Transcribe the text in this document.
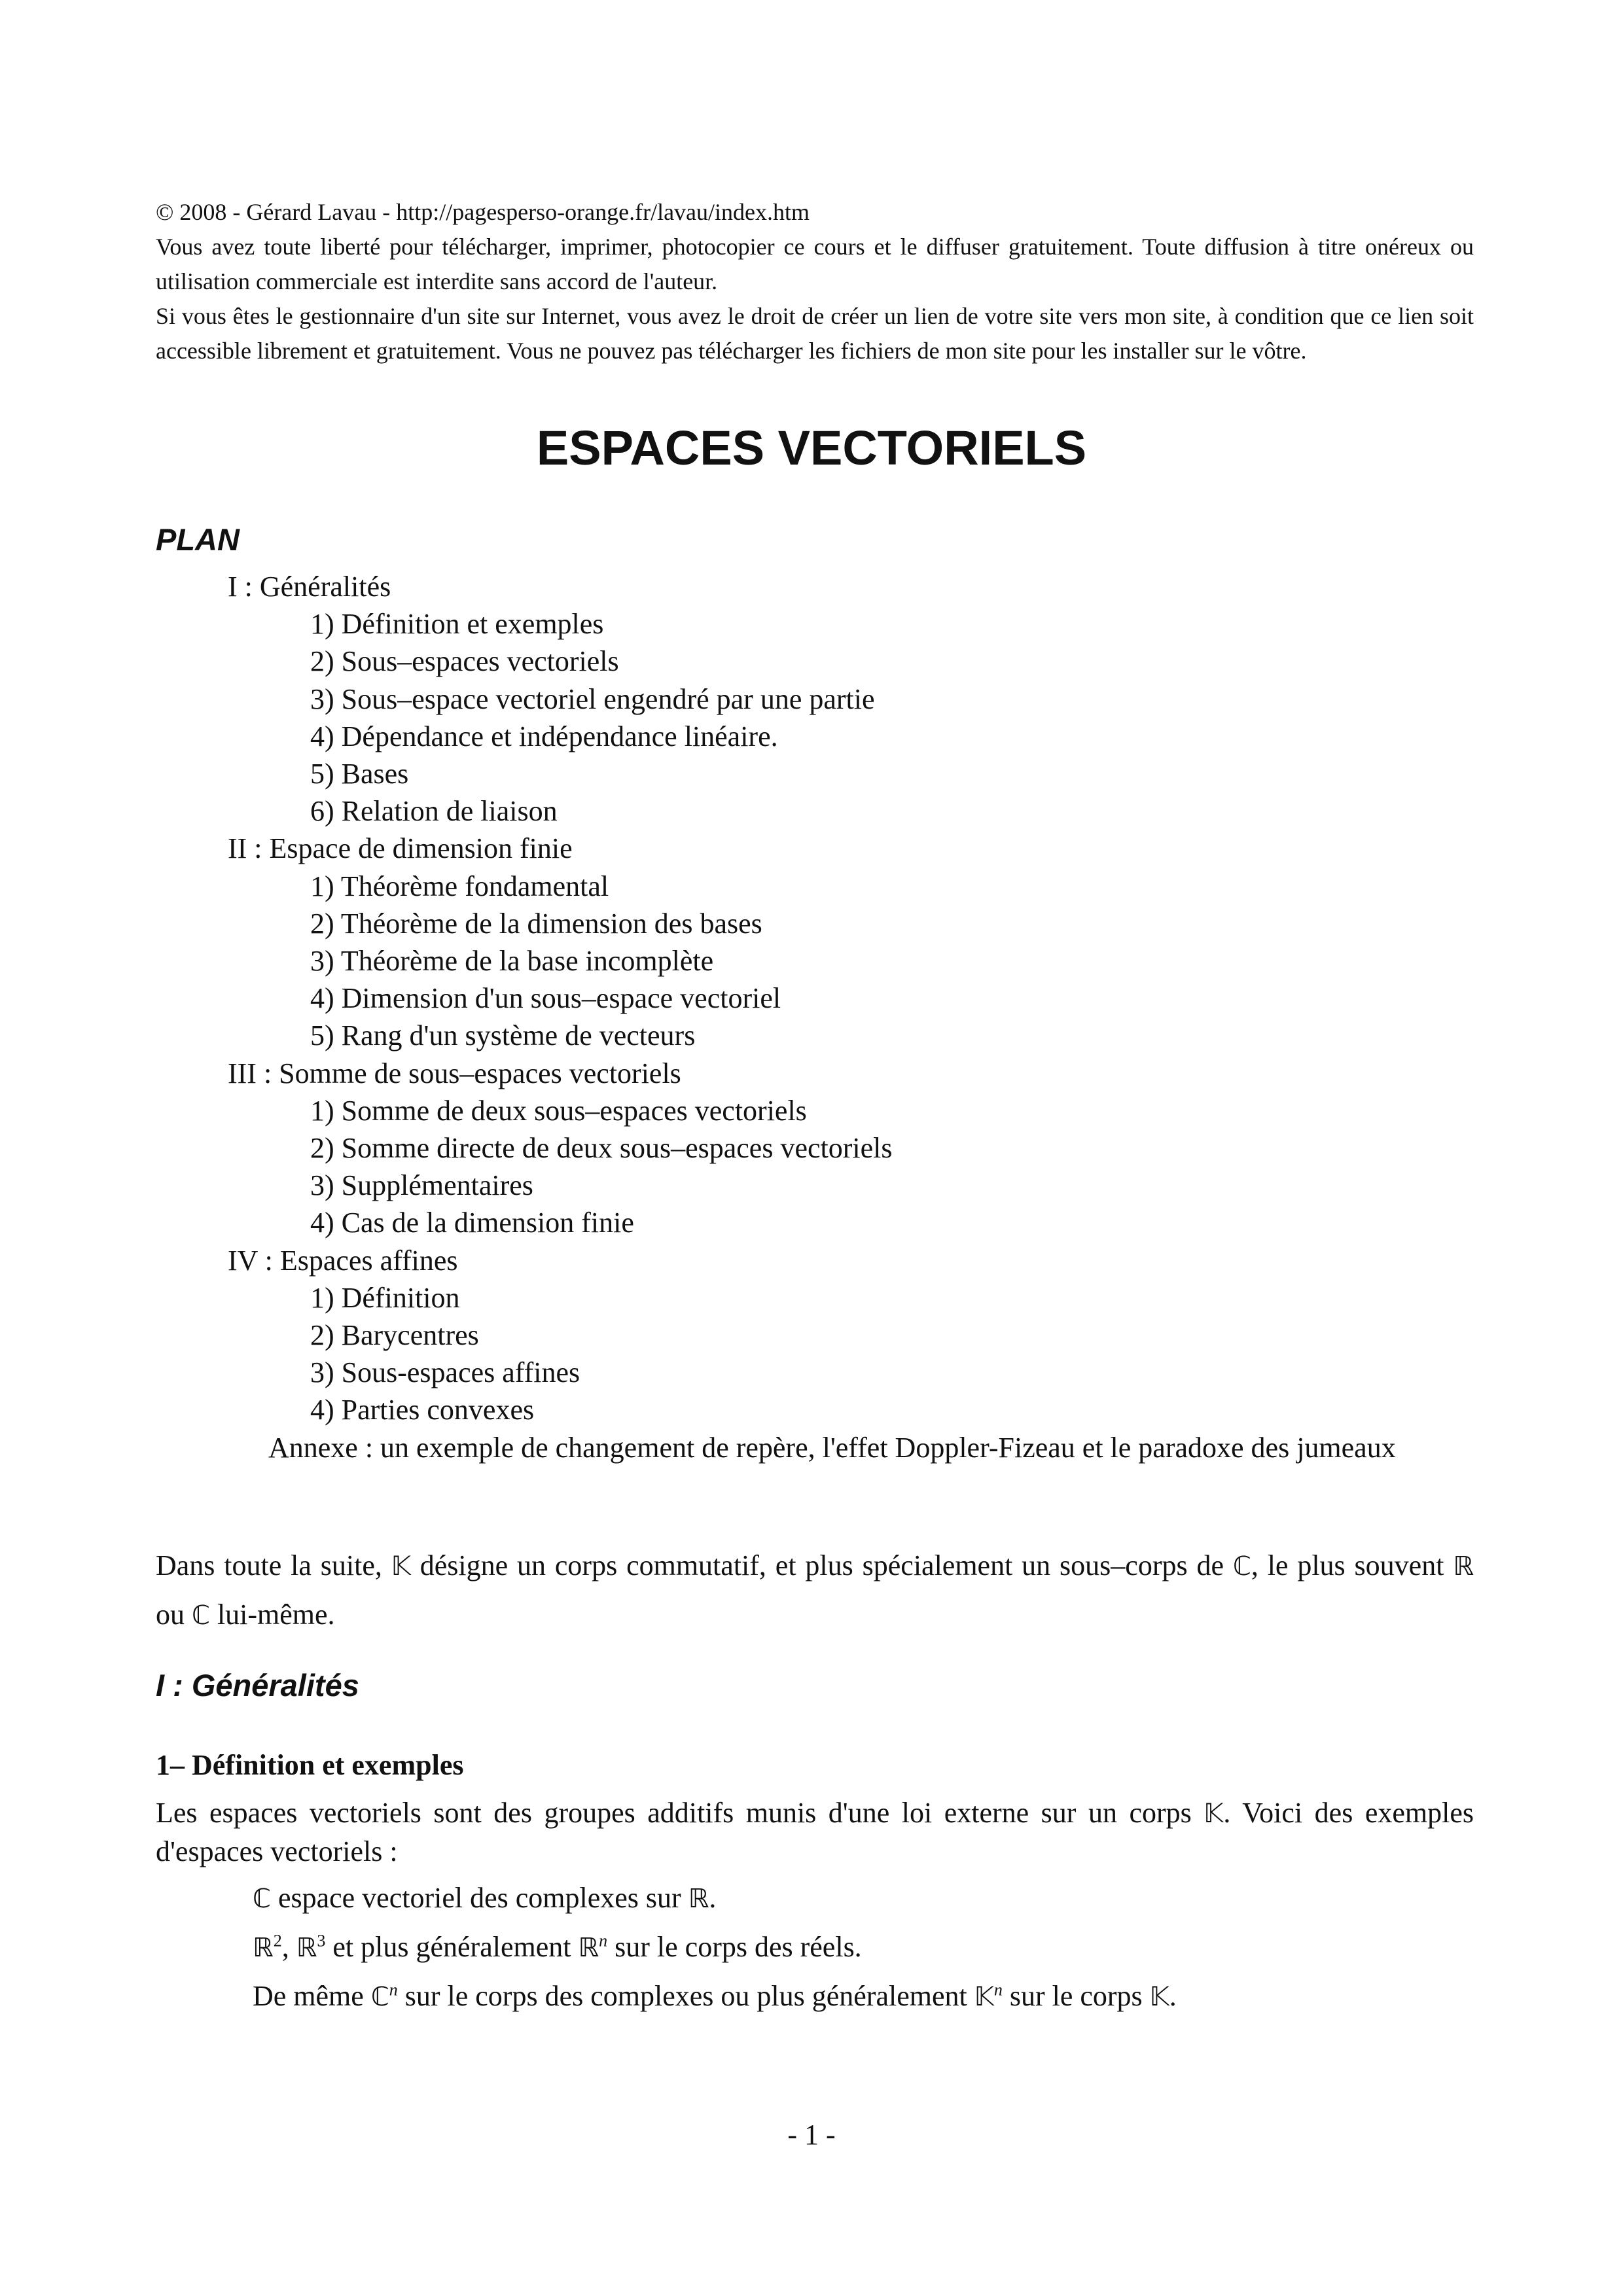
© 2008 - Gérard Lavau - http://pagesperso-orange.fr/lavau/index.htm

Vous avez toute liberté pour télécharger, imprimer, photocopier ce cours et le diffuser gratuitement. Toute diffusion à titre onéreux ou utilisation commerciale est interdite sans accord de l'auteur.

Si vous êtes le gestionnaire d'un site sur Internet, vous avez le droit de créer un lien de votre site vers mon site, à condition que ce lien soit accessible librement et gratuitement. Vous ne pouvez pas télécharger les fichiers de mon site pour les installer sur le vôtre.

ESPACES VECTORIELS
PLAN
I : Généralités
1) Définition et exemples
2) Sous–espaces vectoriels
3) Sous–espace vectoriel engendré par une partie
4) Dépendance et indépendance linéaire.
5) Bases
6) Relation de liaison
II : Espace de dimension finie
1) Théorème fondamental
2) Théorème de la dimension des bases
3) Théorème de la base incomplète
4) Dimension d'un sous–espace vectoriel
5) Rang d'un système de vecteurs
III : Somme de sous–espaces vectoriels
1) Somme de deux sous–espaces vectoriels
2) Somme directe de deux sous–espaces vectoriels
3) Supplémentaires
4) Cas de la dimension finie
IV : Espaces affines
1) Définition
2) Barycentres
3) Sous-espaces affines
4) Parties convexes
Annexe : un exemple de changement de repère, l'effet Doppler-Fizeau et le paradoxe des jumeaux

Dans toute la suite, 𝕂 désigne un corps commutatif, et plus spécialement un sous–corps de ℂ, le plus souvent ℝ ou ℂ lui-même.

I : Généralités
1– Définition et exemples

Les espaces vectoriels sont des groupes additifs munis d'une loi externe sur un corps 𝕂. Voici des exemples d'espaces vectoriels :

ℂ espace vectoriel des complexes sur ℝ.

ℝ$^2$, ℝ$^3$ et plus généralement ℝ$^n$ sur le corps des réels.

De même ℂ$^n$ sur le corps des complexes ou plus généralement 𝕂$^n$ sur le corps 𝕂.

- 1 -
